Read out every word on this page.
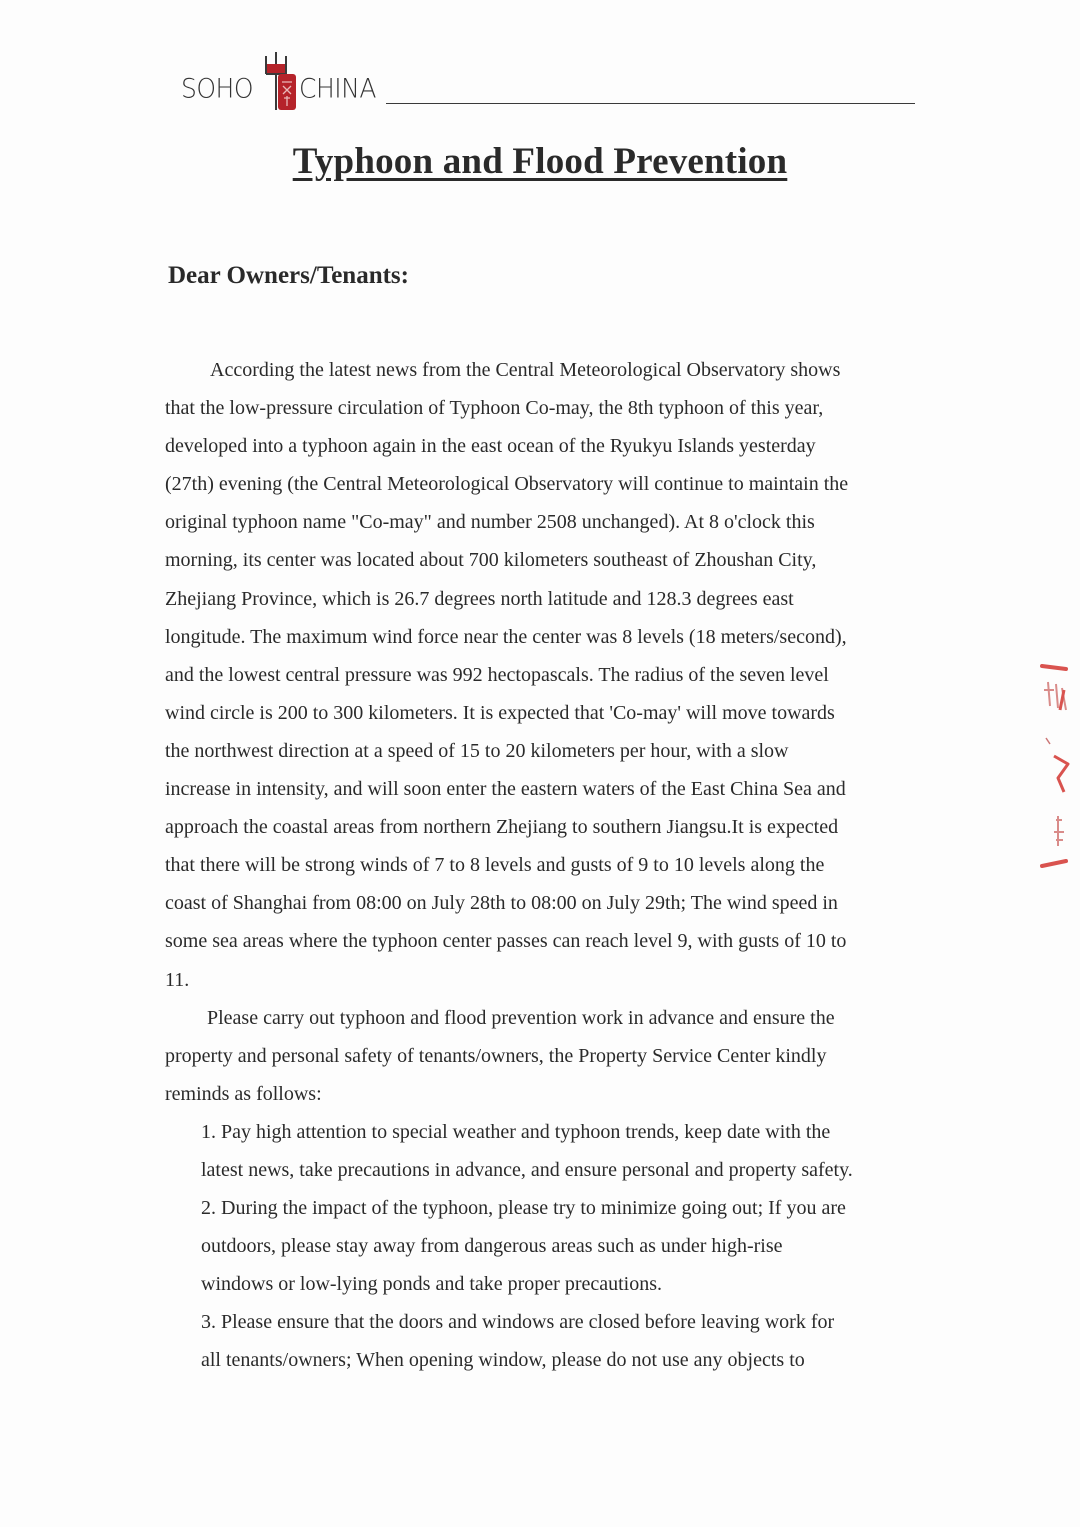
SOHO CHINA
Typhoon and Flood Prevention
Dear Owners/Tenants:

According the latest news from the Central Meteorological Observatory shows
that the low-pressure circulation of Typhoon Co-may, the 8th typhoon of this year,
developed into a typhoon again in the east ocean of the Ryukyu Islands yesterday
(27th) evening (the Central Meteorological Observatory will continue to maintain the
original typhoon name "Co-may" and number 2508 unchanged). At 8 o'clock this
morning, its center was located about 700 kilometers southeast of Zhoushan City,
Zhejiang Province, which is 26.7 degrees north latitude and 128.3 degrees east
longitude. The maximum wind force near the center was 8 levels (18 meters/second),
and the lowest central pressure was 992 hectopascals. The radius of the seven level
wind circle is 200 to 300 kilometers. It is expected that 'Co-may' will move towards
the northwest direction at a speed of 15 to 20 kilometers per hour, with a slow
increase in intensity, and will soon enter the eastern waters of the East China Sea and
approach the coastal areas from northern Zhejiang to southern Jiangsu.It is expected
that there will be strong winds of 7 to 8 levels and gusts of 9 to 10 levels along the
coast of Shanghai from 08:00 on July 28th to 08:00 on July 29th; The wind speed in
some sea areas where the typhoon center passes can reach level 9, with gusts of 10 to
11.

Please carry out typhoon and flood prevention work in advance and ensure the
property and personal safety of tenants/owners, the Property Service Center kindly
reminds as follows:

1. Pay high attention to special weather and typhoon trends, keep date with the
latest news, take precautions in advance, and ensure personal and property safety.
2. During the impact of the typhoon, please try to minimize going out; If you are
outdoors, please stay away from dangerous areas such as under high-rise
windows or low-lying ponds and take proper precautions.
3. Please ensure that the doors and windows are closed before leaving work for
all tenants/owners; When opening window, please do not use any objects to
